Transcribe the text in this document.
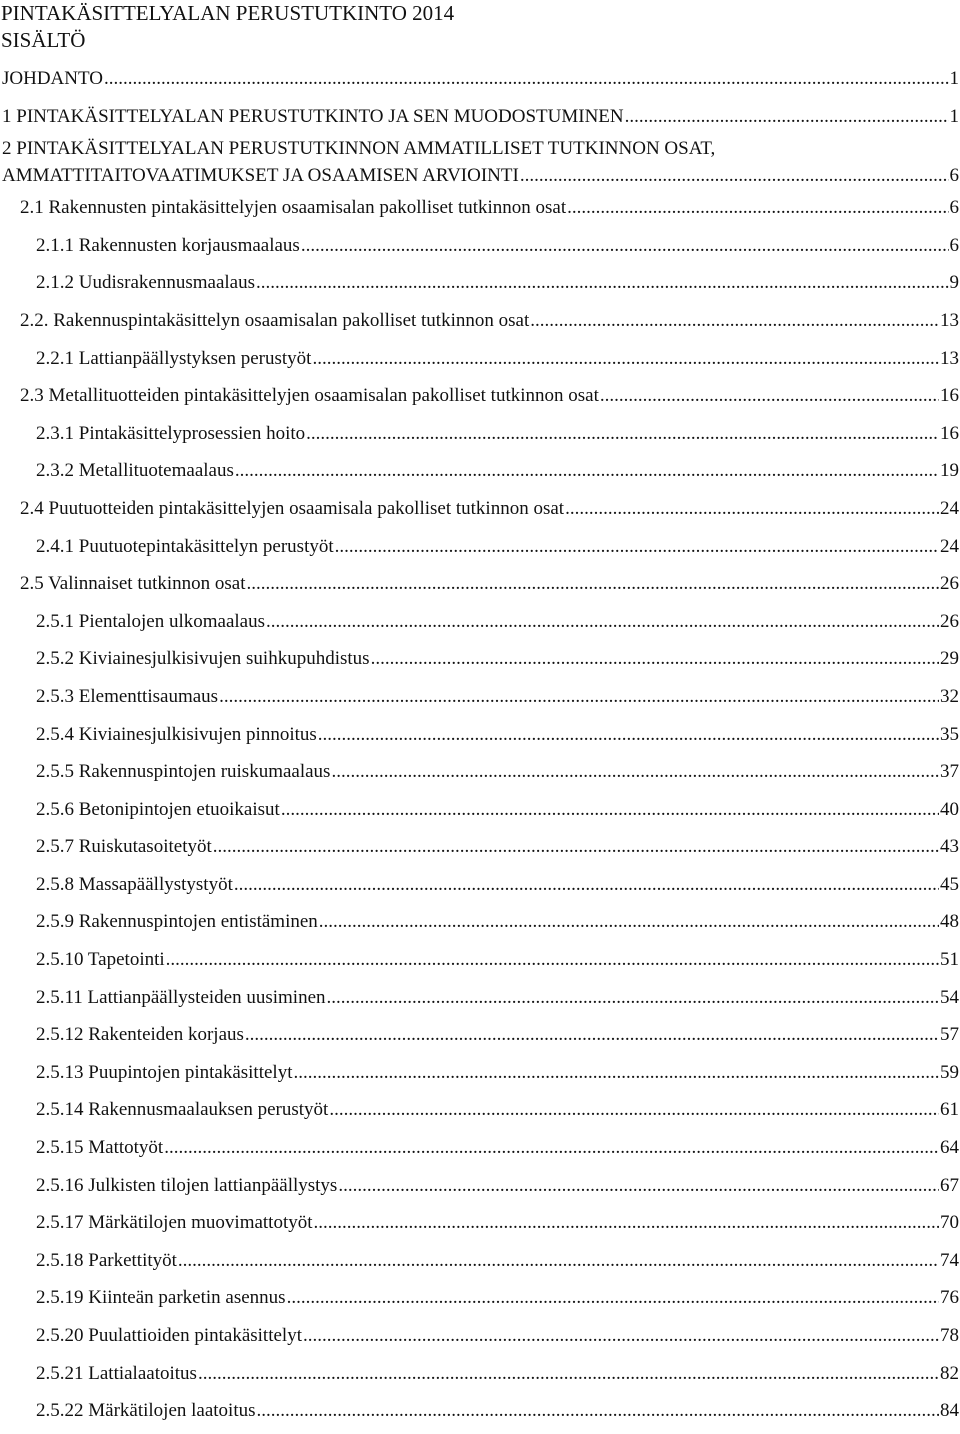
PINTAKÄSITTELYALAN PERUSTUTKINTO 2014
SISÄLTÖ
JOHDANTO .....	1
1 PINTAKÄSITTELYALAN PERUSTUTKINTO JA SEN MUODOSTUMINEN .....	1
2 PINTAKÄSITTELYALAN PERUSTUTKINNON AMMATILLISET TUTKINNON OSAT,
AMMATTITAITOVAATIMUKSET JA OSAAMISEN ARVIOINTI .....	6
2.1 Rakennusten pintakäsittelyjen osaamisalan pakolliset tutkinnon osat .....	6
2.1.1 Rakennusten korjausmaalaus .....	6
2.1.2 Uudisrakennusmaalaus .....	9
2.2. Rakennuspintakäsittelyn osaamisalan pakolliset tutkinnon osat .....	13
2.2.1 Lattianpäällystyksen perustyöt .....	13
2.3 Metallituotteiden pintakäsittelyjen osaamisalan pakolliset tutkinnon osat .....	16
2.3.1 Pintakäsittelyprosessien hoito .....	16
2.3.2 Metallituotemaalaus .....	19
2.4 Puutuotteiden pintakäsittelyjen osaamisala pakolliset tutkinnon osat .....	24
2.4.1 Puutuotepintakäsittelyn perustyöt .....	24
2.5 Valinnaiset tutkinnon osat .....	26
2.5.1 Pientalojen ulkomaalaus .....	26
2.5.2 Kiviainesjulkisivujen suihkupuhdistus .....	29
2.5.3 Elementtisaumaus .....	32
2.5.4 Kiviainesjulkisivujen pinnoitus .....	35
2.5.5 Rakennuspintojen ruiskumaalaus .....	37
2.5.6 Betonipintojen etuoikaisut .....	40
2.5.7 Ruiskutasoitetyöt .....	43
2.5.8 Massapäällystystyöt .....	45
2.5.9 Rakennuspintojen entistäminen .....	48
2.5.10 Tapetointi .....	51
2.5.11 Lattianpäällysteiden uusiminen .....	54
2.5.12 Rakenteiden korjaus .....	57
2.5.13 Puupintojen pintakäsittelyt .....	59
2.5.14 Rakennusmaalauksen perustyöt .....	61
2.5.15 Mattotyöt .....	64
2.5.16 Julkisten tilojen lattianpäällystys .....	67
2.5.17 Märkätilojen muovimattotyöt .....	70
2.5.18 Parkettityöt .....	74
2.5.19 Kiinteän parketin asennus .....	76
2.5.20 Puulattioiden pintakäsittelyt .....	78
2.5.21 Lattialaatoitus .....	82
2.5.22 Märkätilojen laatoitus .....	84
